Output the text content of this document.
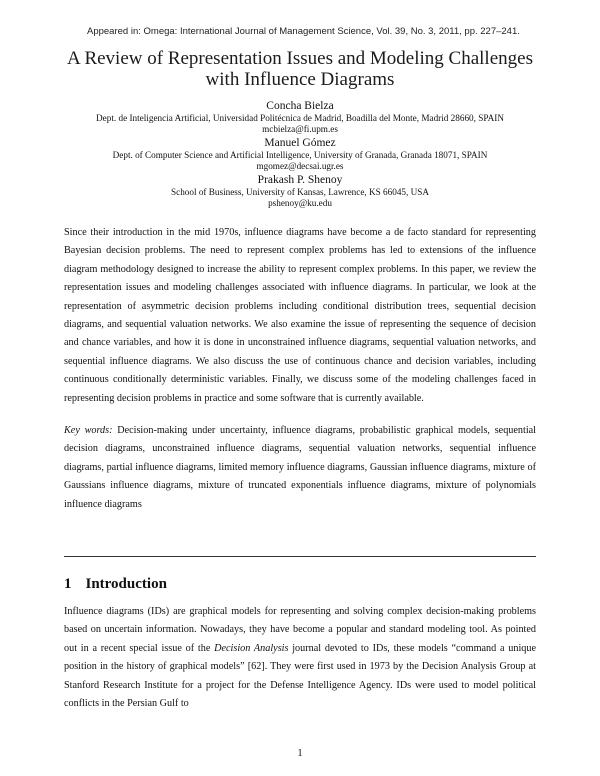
Appeared in: Omega: International Journal of Management Science, Vol. 39, No. 3, 2011, pp. 227–241.
A Review of Representation Issues and Modeling Challenges with Influence Diagrams
Concha Bielza
Dept. de Inteligencia Artificial, Universidad Politécnica de Madrid, Boadilla del Monte, Madrid 28660, SPAIN
mcbielza@fi.upm.es
Manuel Gómez
Dept. of Computer Science and Artificial Intelligence, University of Granada, Granada 18071, SPAIN
mgomez@decsai.ugr.es
Prakash P. Shenoy
School of Business, University of Kansas, Lawrence, KS 66045, USA
pshenoy@ku.edu
Since their introduction in the mid 1970s, influence diagrams have become a de facto standard for representing Bayesian decision problems. The need to represent complex problems has led to extensions of the influence diagram methodology designed to increase the ability to represent complex problems. In this paper, we review the representation issues and modeling challenges associated with influence diagrams. In particular, we look at the representation of asymmetric decision problems including conditional distribution trees, sequential decision diagrams, and sequential valuation networks. We also examine the issue of representing the sequence of decision and chance variables, and how it is done in unconstrained influence diagrams, sequential valuation networks, and sequential influence diagrams. We also discuss the use of continuous chance and decision variables, including continuous conditionally deterministic variables. Finally, we discuss some of the modeling challenges faced in representing decision problems in practice and some software that is currently available.
Key words: Decision-making under uncertainty, influence diagrams, probabilistic graphical models, sequential decision diagrams, unconstrained influence diagrams, sequential valuation networks, sequential influence diagrams, partial influence diagrams, limited memory influence diagrams, Gaussian influence diagrams, mixture of Gaussians influence diagrams, mixture of truncated exponentials influence diagrams, mixture of polynomials influence diagrams
1 Introduction
Influence diagrams (IDs) are graphical models for representing and solving complex decision-making problems based on uncertain information. Nowadays, they have become a popular and standard modeling tool. As pointed out in a recent special issue of the Decision Analysis journal devoted to IDs, these models “command a unique position in the history of graphical models” [62]. They were first used in 1973 by the Decision Analysis Group at Stanford Research Institute for a project for the Defense Intelligence Agency. IDs were used to model political conflicts in the Persian Gulf to
1
